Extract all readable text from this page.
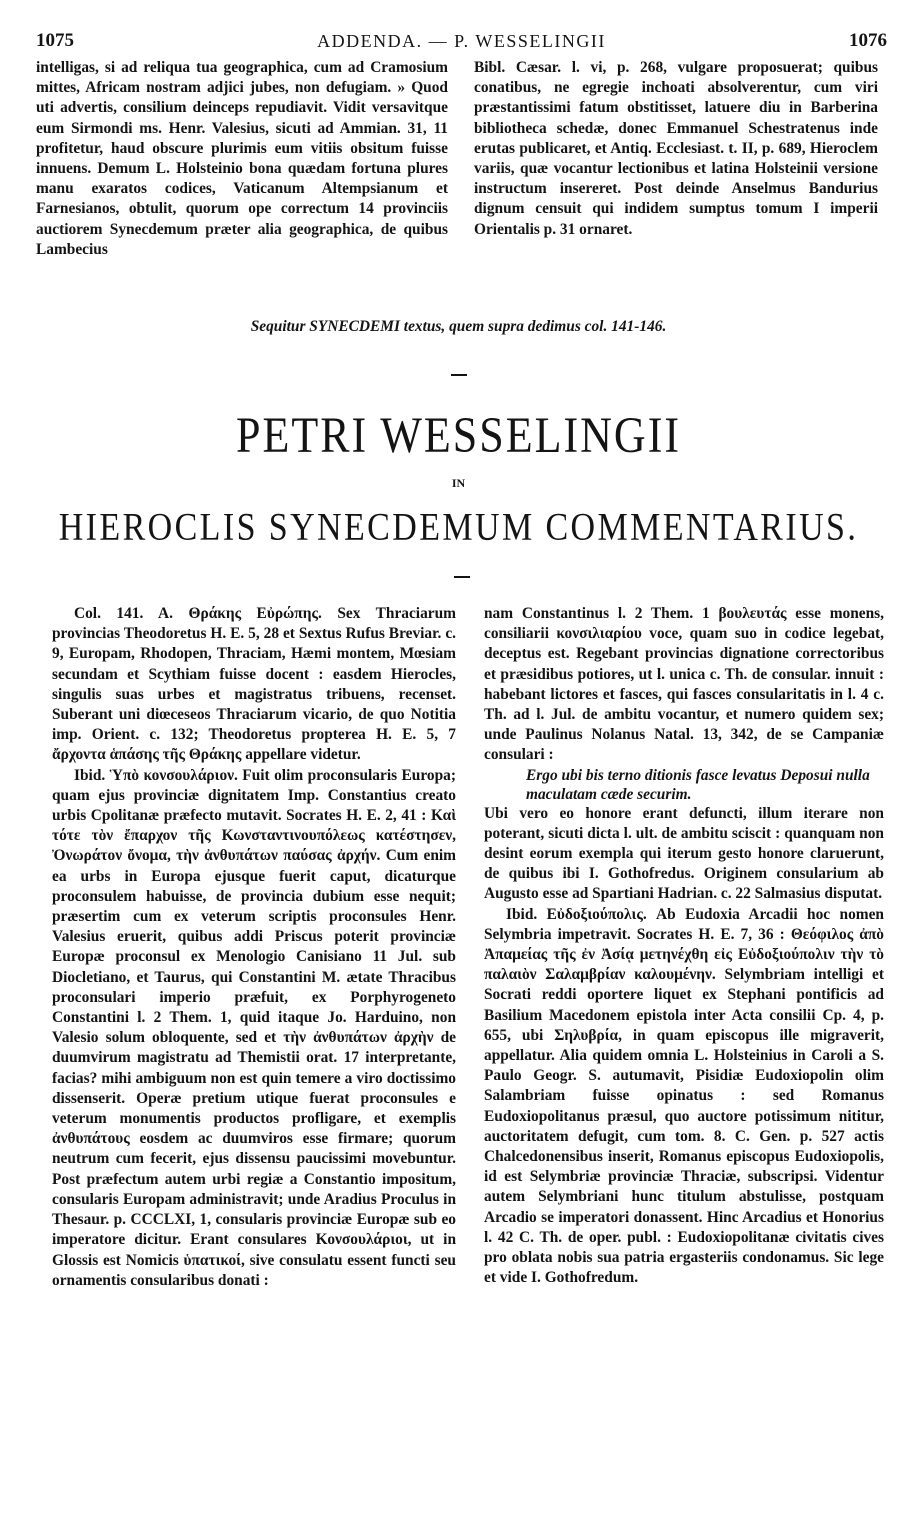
1075	ADDENDA. — P. WESSELINGII	1076

intelligas, si ad reliqua tua geographica, cum ad Cramosium mittes, Africam nostram adjici jubes, non defugiam. » Quod uti advertis, consilium deinceps repudiavit. Vidit versavitque eum Sirmondi ms. Henr. Valesius, sicuti ad Ammian. 31, 11 profitetur, haud obscure plurimis eum vitiis obsitum fuisse innuens. Demum L. Holsteinio bona quædam fortuna plures manu exaratos codices, Vaticanum Altempsianum et Farnesianos, obtulit, quorum ope correctum 14 provinciis auctiorem Synecdemum præter alia geographica, de quibus Lambecius

Bibl. Cæsar. l. vi, p. 268, vulgare proposuerat; quibus conatibus, ne egregie inchoati absolverentur, cum viri præstantissimi fatum obstitisset, latuere diu in Barberina bibliotheca schedæ, donec Emmanuel Schestratenus inde erutas publicaret, et Antiq. Ecclesiast. t. II, p. 689, Hieroclem variis, quæ vocantur lectionibus et latina Holsteinii versione instructum insereret. Post deinde Anselmus Bandurius dignum censuit qui indidem sumptus tomum I imperii Orientalis p. 31 ornaret.

Sequitur SYNECDEMI textus, quem supra dedimus col. 141-146.
PETRI WESSELINGII
IN
HIEROCLIS SYNECDEMUM COMMENTARIUS.

Col. 141. A. Θράκης Εὐρώπης. Sex Thraciarum provincias Theodoretus H. E. 5, 28 et Sextus Rufus Breviar. c. 9, Europam, Rhodopen, Thraciam, Hæmi montem, Mœsiam secundam et Scythiam fuisse docent : easdem Hierocles, singulis suas urbes et magistratus tribuens, recenset. Suberant uni diœceseos Thraciarum vicario, de quo Notitia imp. Orient. c. 132; Theodoretus propterea H. E. 5, 7 ἄρχοντα ἁπάσης τῆς Θράκης appellare videtur.

Ibid. Ὑπὸ κονσουλάριον. Fuit olim proconsularis Europa; quam ejus provinciæ dignitatem Imp. Constantius creato urbis Cpolitanæ præfecto mutavit. Socrates H. E. 2, 41 : Καὶ τότε τὸν ἔπαρχον τῆς Κωνσταντινουπόλεως κατέστησεν, Ὀνωράτον ὄνομα, τὴν ἀνθυπάτων παύσας ἀρχήν. Cum enim ea urbs in Europa ejusque fuerit caput, dicaturque proconsulem habuisse, de provincia dubium esse nequit; præsertim cum ex veterum scriptis proconsules Henr. Valesius eruerit, quibus addi Priscus poterit provinciæ Europæ proconsul ex Menologio Canisiano 11 Jul. sub Diocletiano, et Taurus, qui Constantini M. ætate Thracibus proconsulari imperio præfuit, ex Porphyrogeneto Constantini l. 2 Them. 1, quid itaque Jo. Harduino, non Valesio solum obloquente, sed et τὴν ἀνθυπάτων ἀρχὴν de duumvirum magistratu ad Themistii orat. 17 interpretante, facias? mihi ambiguum non est quin temere a viro doctissimo dissenserit. Operæ pretium utique fuerat proconsules e veterum monumentis productos profligare, et exemplis ἀνθυπάτους eosdem ac duumviros esse firmare; quorum neutrum cum fecerit, ejus dissensu paucissimi movebuntur. Post præfectum autem urbi regiæ a Constantio impositum, consularis Europam administravit; unde Aradius Proculus in Thesaur. p. CCCLXI, 1, consularis provinciæ Europæ sub eo imperatore dicitur. Erant consulares Κονσουλάριοι, ut in Glossis est Nomicis ὑπατικοί, sive consulatu essent functi seu ornamentis consularibus donati :

nam Constantinus l. 2 Them. 1 βουλευτάς esse monens, consiliarii κονσιλιαρίου voce, quam suo in codice legebat, deceptus est. Regebant provincias dignatione correctoribus et præsidibus potiores, ut l. unica c. Th. de consular. innuit : habebant lictores et fasces, qui fasces consularitatis in l. 4 c. Th. ad l. Jul. de ambitu vocantur, et numero quidem sex; unde Paulinus Nolanus Natal. 13, 342, de se Campaniæ consulari :

Ergo ubi bis terno ditionis fasce levatus Deposui nulla maculatam cæde securim.

Ubi vero eo honore erant defuncti, illum iterare non poterant, sicuti dicta l. ult. de ambitu sciscit : quanquam non desint eorum exempla qui iterum gesto honore claruerunt, de quibus ibi I. Gothofredus. Originem consularium ab Augusto esse ad Spartiani Hadrian. c. 22 Salmasius disputat.

Ibid. Εὐδοξιούπολις. Ab Eudoxia Arcadii hoc nomen Selymbria impetravit. Socrates H. E. 7, 36 : Θεόφιλος ἀπὸ Ἀπαμείας τῆς ἐν Ἀσίᾳ μετηνέχθη εἰς Εὐδοξιούπολιν τὴν τὸ παλαιὸν Σαλαμβρίαν καλουμένην. Selymbriam intelligi et Socrati reddi oportere liquet ex Stephani pontificis ad Basilium Macedonem epistola inter Acta consilii Cp. 4, p. 655, ubi Σηλυβρία, in quam episcopus ille migraverit, appellatur. Alia quidem omnia L. Holsteinius in Caroli a S. Paulo Geogr. S. autumavit, Pisidiæ Eudoxiopolin olim Salambriam fuisse opinatus : sed Romanus Eudoxiopolitanus præsul, quo auctore potissimum nititur, auctoritatem defugit, cum tom. 8. C. Gen. p. 527 actis Chalcedonensibus inserit, Romanus episcopus Eudoxiopolis, id est Selymbriæ provinciæ Thraciæ, subscripsi. Videntur autem Selymbriani hunc titulum abstulisse, postquam Arcadio se imperatori donassent. Hinc Arcadius et Honorius l. 42 C. Th. de oper. publ. : Eudoxiopolitanæ civitatis cives pro oblata nobis sua patria ergasteriis condonamus. Sic lege et vide I. Gothofredum.
